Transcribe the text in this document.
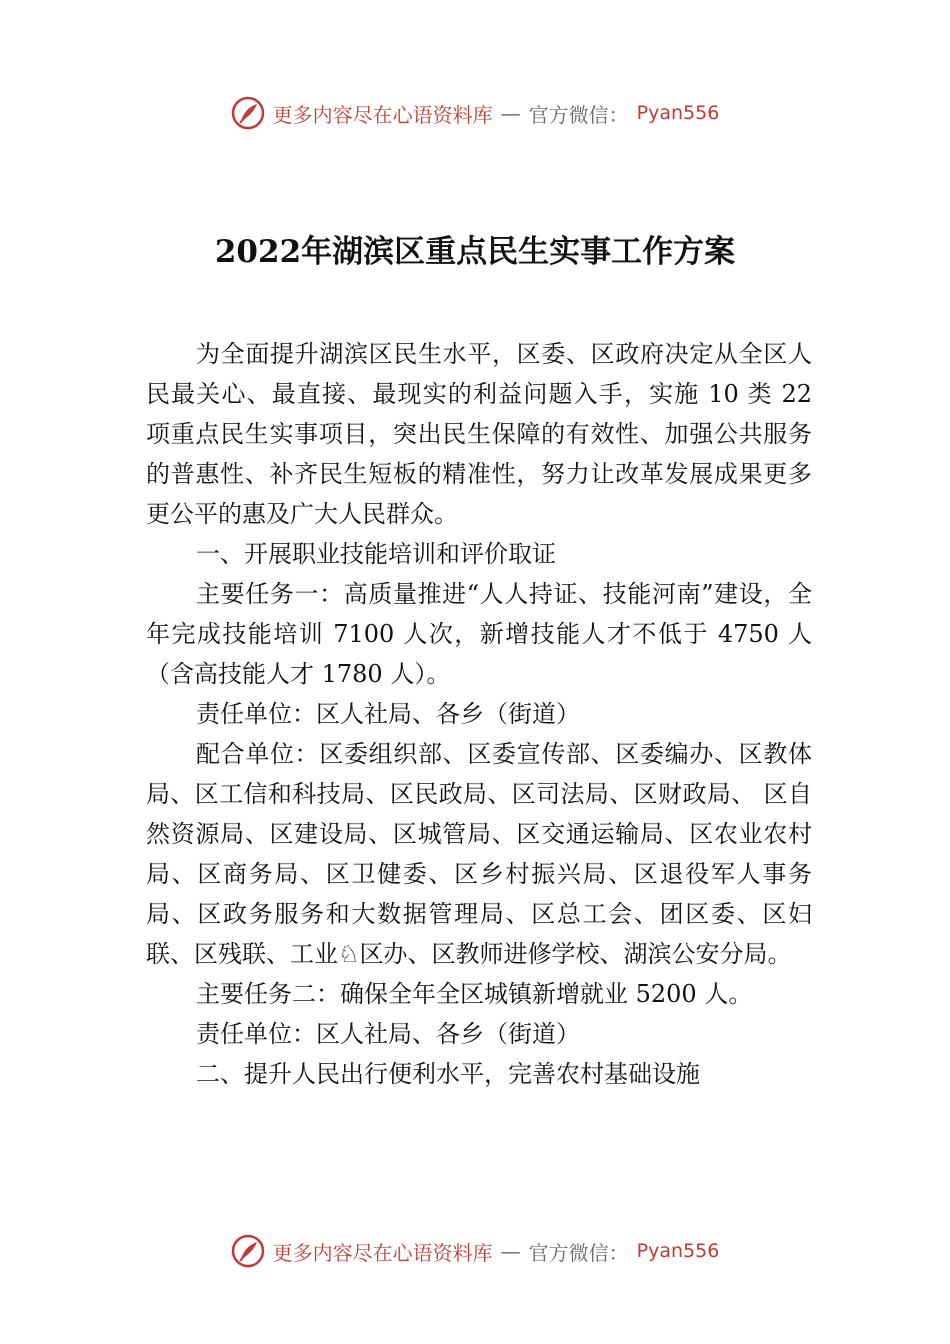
更多内容尽在心语资料库 — 官方微信： Pyan556
2022年湖滨区重点民生实事工作方案

为全面提升湖滨区民生水平，区委、区政府决定从全区人民最关心、最直接、最现实的利益问题入手，实施 10 类 22 项重点民生实事项目，突出民生保障的有效性、加强公共服务的普惠性、补齐民生短板的精准性，努力让改革发展成果更多更公平的惠及广大人民群众。

一、开展职业技能培训和评价取证

主要任务一：高质量推进“人人持证、技能河南”建设，全年完成技能培训 7100 人次，新增技能人才不低于 4750 人（含高技能人才 1780 人）。

责任单位：区人社局、各乡（街道）

配合单位：区委组织部、区委宣传部、区委编办、区教体局、区工信和科技局、区民政局、区司法局、区财政局、 区自然资源局、区建设局、区城管局、区交通运输局、区农业农村局、区商务局、区卫健委、区乡村振兴局、区退役军人事务局、区政务服务和大数据管理局、区总工会、团区委、区妇联、区残联、工业♘区办、区教师进修学校、湖滨公安分局。

主要任务二：确保全年全区城镇新增就业 5200 人。

责任单位：区人社局、各乡（街道）

二、提升人民出行便利水平，完善农村基础设施

更多内容尽在心语资料库 — 官方微信： Pyan556
